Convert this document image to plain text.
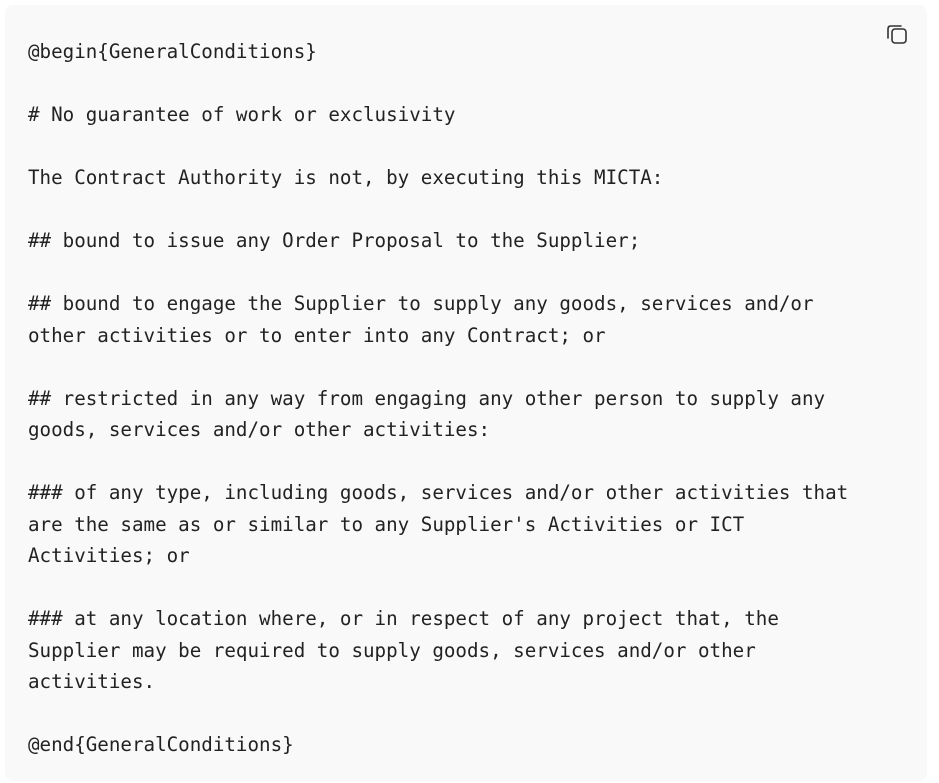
@begin{GeneralConditions}
# No guarantee of work or exclusivity
The Contract Authority is not, by executing this MICTA:
## bound to issue any Order Proposal to the Supplier;
## bound to engage the Supplier to supply any goods, services and/or
other activities or to enter into any Contract; or
## restricted in any way from engaging any other person to supply any
goods, services and/or other activities:
### of any type, including goods, services and/or other activities that
are the same as or similar to any Supplier's Activities or ICT
Activities; or
### at any location where, or in respect of any project that, the
Supplier may be required to supply goods, services and/or other
activities.
@end{GeneralConditions}
